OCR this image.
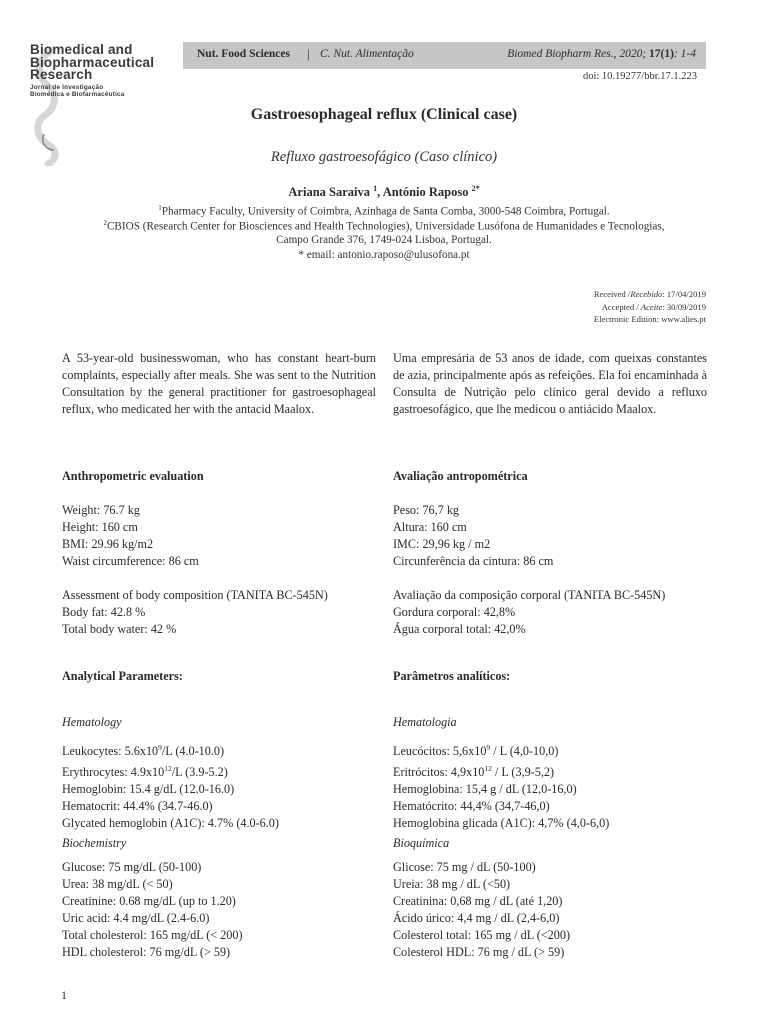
Biomedical and
Biopharmaceutical
Research
Jornal de Investigação
Biomédica e Biofarmacêutica
Nut. Food Sciences | C. Nut. Alimentação	Biomed Biopharm Res., 2020; 17(1): 1-4
doi: 10.19277/bbr.17.1.223
Gastroesophageal reflux (Clinical case)
Refluxo gastroesofágico (Caso clínico)
Ariana Saraiva $^1$, António Raposo $^{2*}$
$^1$Pharmacy Faculty, University of Coimbra, Azinhaga de Santa Comba, 3000-548 Coimbra, Portugal.
$^2$CBIOS (Research Center for Biosciences and Health Technologies), Universidade Lusófona de Humanidades e Tecnologias,
Campo Grande 376, 1749-024 Lisboa, Portugal.
* email: antonio.raposo@ulusofona.pt
Received /Recebido: 17/04/2019
Accepted / Aceite: 30/09/2019
Electronic Edition: www.alies.pt

A 53-year-old businesswoman, who has constant heart-burn complaints, especially after meals. She was sent to the Nutrition Consultation by the general practitioner for gastroesophageal reflux, who medicated her with the antacid Maalox.

Anthropometric evaluation
Weight: 76.7 kg
Height: 160 cm
BMI: 29.96 kg/m2
Waist circumference: 86 cm
Assessment of body composition (TANITA BC-545N)
Body fat: 42.8 %
Total body water: 42 %
Analytical Parameters:
Hematology
Leukocytes: $5.6x10^9/L$ (4.0-10.0)
Erythrocytes: $4.9x10^{12}/L$ (3.9-5.2)
Hemoglobin: 15.4 g/dL (12.0-16.0)
Hematocrit: 44.4% (34.7-46.0)
Glycated hemoglobin (A1C): 4.7% (4.0-6.0)
Biochemistry
Glucose: 75 mg/dL (50-100)
Urea: 38 mg/dL (< 50)
Creatinine: 0.68 mg/dL (up to 1.20)
Uric acid: 4.4 mg/dL (2.4-6.0)
Total cholesterol: 165 mg/dL (< 200)
HDL cholesterol: 76 mg/dL (> 59)

Uma empresária de 53 anos de idade, com queixas constantes de azia, principalmente após as refeições. Ela foi encaminhada à Consulta de Nutrição pelo clínico geral devido a refluxo gastroesofágico, que lhe medicou o antiácido Maalox.

Avaliação antropométrica
Peso: 76,7 kg
Altura: 160 cm
IMC: 29,96 kg / m2
Circunferência da cintura: 86 cm
Avaliação da composição corporal (TANITA BC-545N)
Gordura corporal: 42,8%
Água corporal total: 42,0%
Parâmetros analíticos:
Hematologia
Leucócitos: $5,6x10^9$ / L (4,0-10,0)
Eritrócitos: $4,9x10^{12}$ / L (3,9-5,2)
Hemoglobina: 15,4 g / dL (12,0-16,0)
Hematócrito: 44,4% (34,7-46,0)
Hemoglobina glicada (A1C): 4,7% (4,0-6,0)
Bioquímica
Glicose: 75 mg / dL (50-100)
Ureia: 38 mg / dL (<50)
Creatinina: 0,68 mg / dL (até 1,20)
Ácido úrico: 4,4 mg / dL (2,4-6,0)
Colesterol total: 165 mg / dL (<200)
Colesterol HDL: 76 mg / dL (> 59)
1
